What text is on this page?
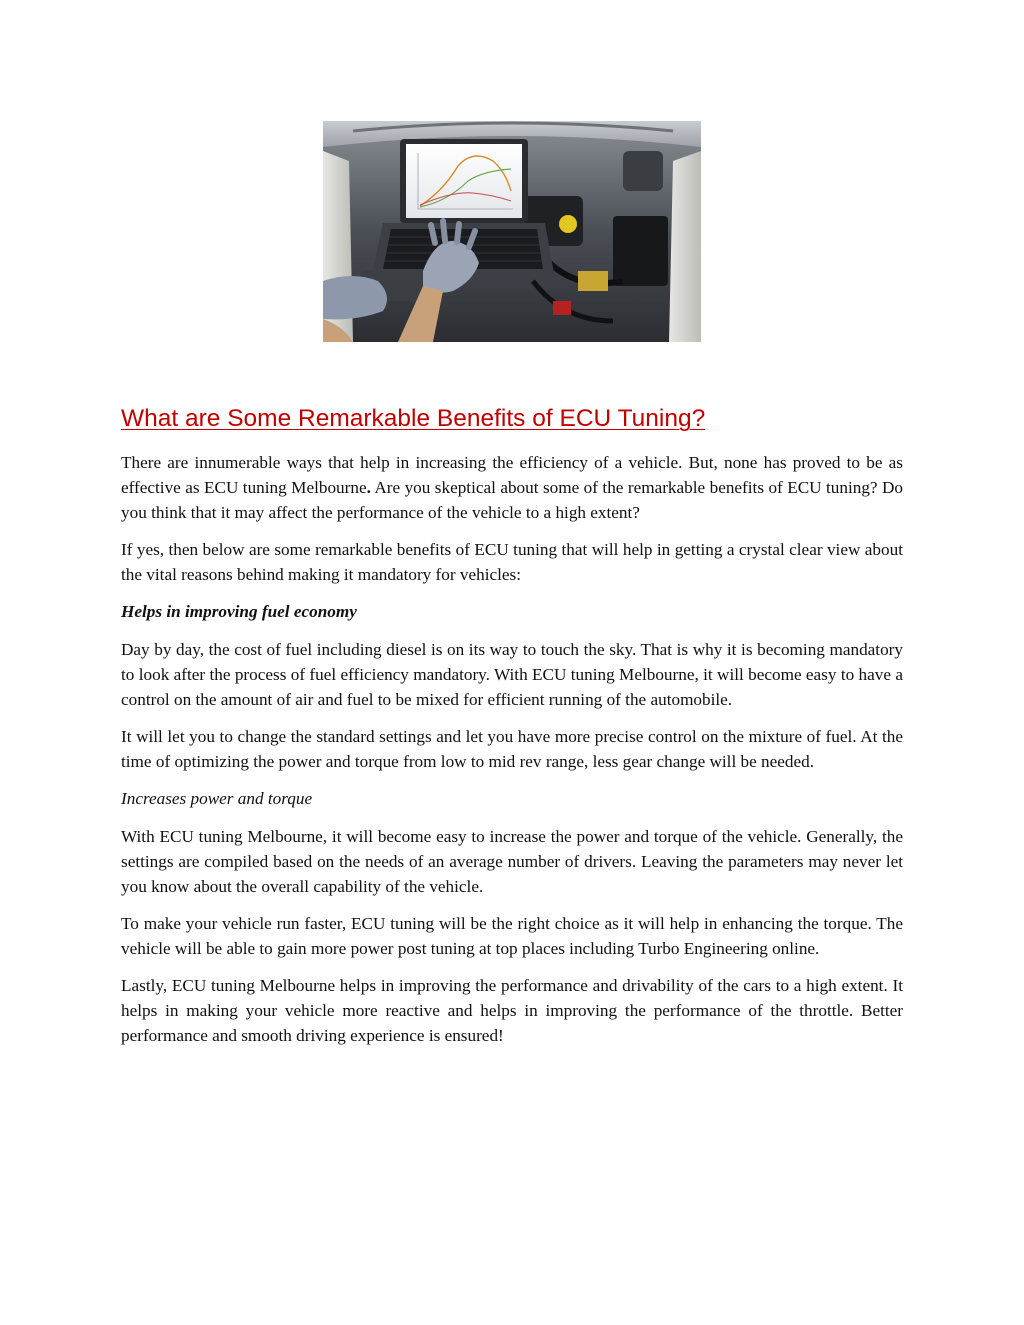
What are Some Remarkable Benefits of ECU Tuning?

There are innumerable ways that help in increasing the efficiency of a vehicle. But, none has proved to be as effective as ECU tuning Melbourne. Are you skeptical about some of the remarkable benefits of ECU tuning? Do you think that it may affect the performance of the vehicle to a high extent?

If yes, then below are some remarkable benefits of ECU tuning that will help in getting a crystal clear view about the vital reasons behind making it mandatory for vehicles:

Helps in improving fuel economy

Day by day, the cost of fuel including diesel is on its way to touch the sky. That is why it is becoming mandatory to look after the process of fuel efficiency mandatory. With ECU tuning Melbourne, it will become easy to have a control on the amount of air and fuel to be mixed for efficient running of the automobile.

It will let you to change the standard settings and let you have more precise control on the mixture of fuel. At the time of optimizing the power and torque from low to mid rev range, less gear change will be needed.

Increases power and torque

With ECU tuning Melbourne, it will become easy to increase the power and torque of the vehicle. Generally, the settings are compiled based on the needs of an average number of drivers. Leaving the parameters may never let you know about the overall capability of the vehicle.

To make your vehicle run faster, ECU tuning will be the right choice as it will help in enhancing the torque. The vehicle will be able to gain more power post tuning at top places including Turbo Engineering online.

Lastly, ECU tuning Melbourne helps in improving the performance and drivability of the cars to a high extent. It helps in making your vehicle more reactive and helps in improving the performance of the throttle. Better performance and smooth driving experience is ensured!
